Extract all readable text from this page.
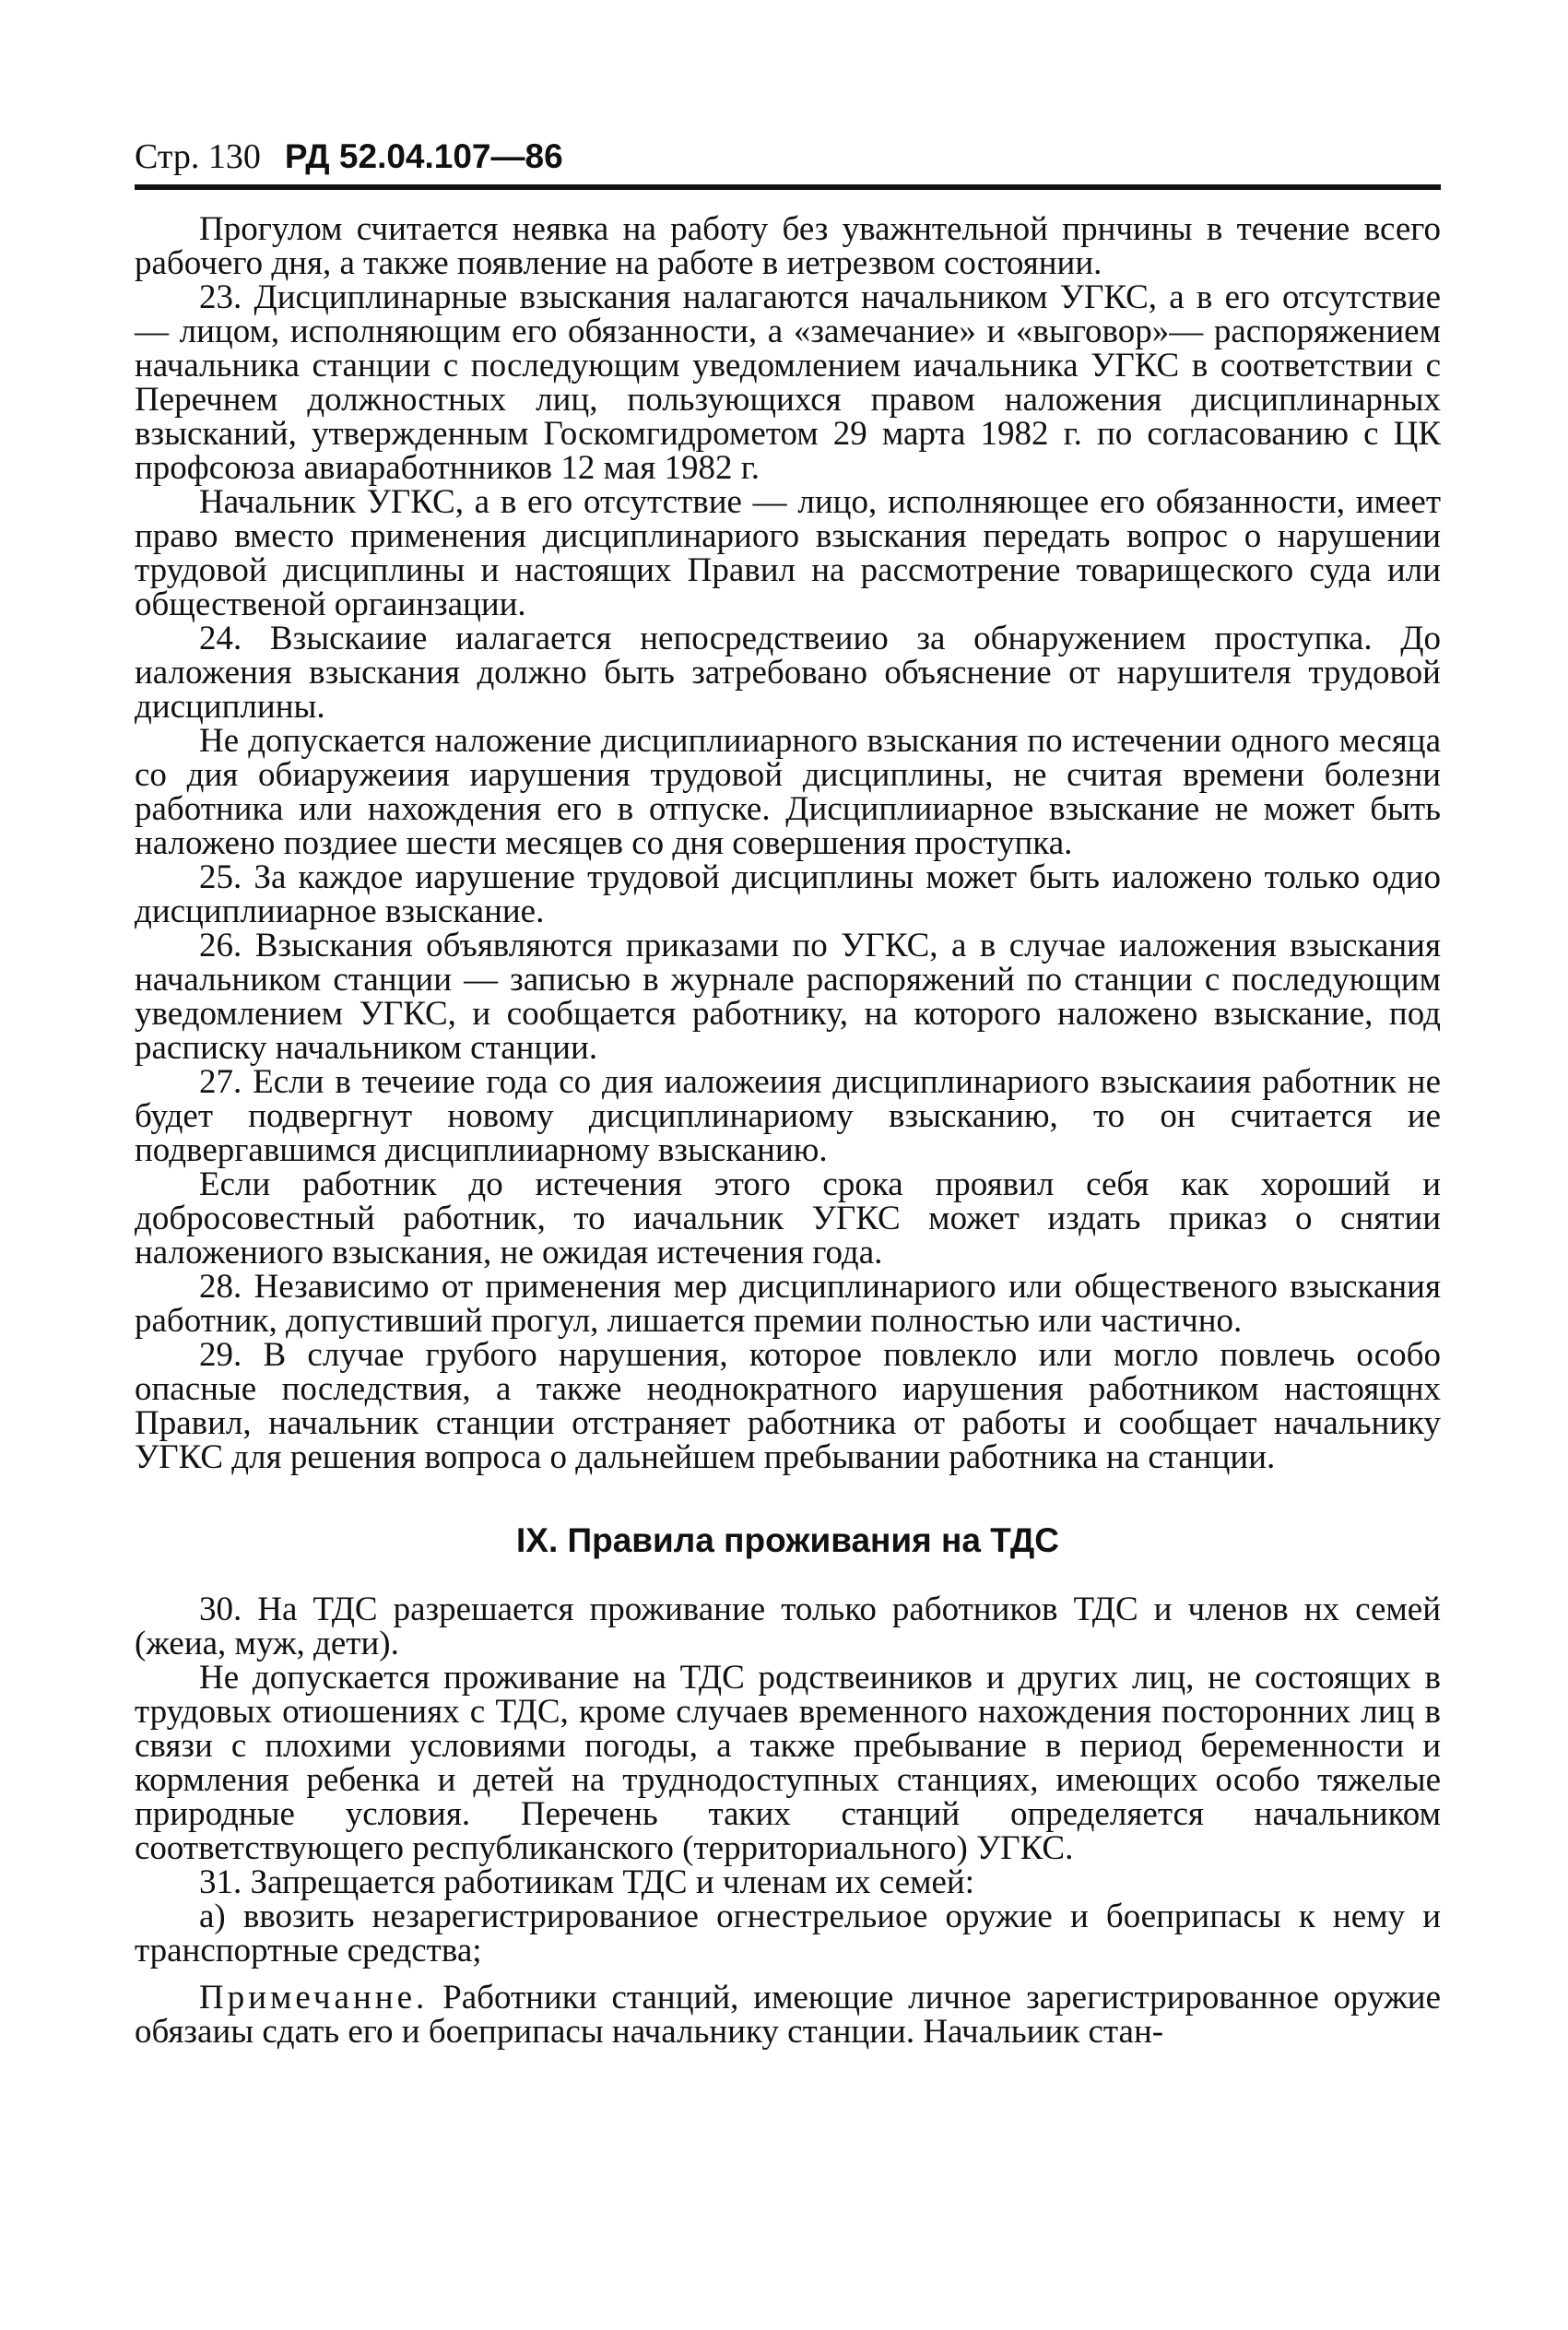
Стр. 130 РД 52.04.107—86

Прогулом считается неявка на работу без уважнтельной прнчины в течение всего рабочего дня, а также появление на работе в иетрезвом состоянии.

23. Дисциплинарные взыскания налагаются начальником УГКС, а в его отсутствие — лицом, исполняющим его обязанности, а «замечание» и «выговор»— распоряжением начальника станции с последующим уведомлением иачальника УГКС в соответствии с Перечнем должностных лиц, пользующихся правом наложения дисциплинарных взысканий, утвержденным Госкомгидрометом 29 марта 1982 г. по согласованию с ЦК профсоюза авиаработнников 12 мая 1982 г.

Начальник УГКС, а в его отсутствие — лицо, исполняющее его обязанности, имеет право вместо применения дисциплинариого взыскания передать вопрос о нарушении трудовой дисциплины и настоящих Правил на рассмотрение товарищеского суда или общественой оргаинзации.

24. Взыскаиие иалагается непосредствеиио за обнаружением проступка. До иаложения взыскания должно быть затребовано объяснение от нарушителя трудовой дисциплины.

Не допускается наложение дисциплииарного взыскания по истечении одного месяца со дия обиаружеиия иарушения трудовой дисциплины, не считая времени болезни работника или нахождения его в отпуске. Дисциплииарное взыскание не может быть наложено поздиее шести месяцев со дня совершения проступка.

25. За каждое иарушение трудовой дисциплины может быть иаложено только одио дисциплииарное взыскание.

26. Взыскания объявляются приказами по УГКС, а в случае иаложения взыскания начальником станции — записью в журнале распоряжений по станции с последующим уведомлением УГКС, и сообщается работнику, на которого наложено взыскание, под расписку начальником станции.

27. Если в течеиие года со дия иаложеиия дисциплинариого взыскаиия работник не будет подвергнут новому дисциплинариому взысканию, то он считается ие подвергавшимся дисциплииарному взысканию.

Если работник до истечения этого срока проявил себя как хороший и добросовестный работник, то иачальник УГКС может издать приказ о снятии наложениого взыскания, не ожидая истечения года.

28. Независимо от применения мер дисциплинариого или общественого взыскания работник, допустивший прогул, лишается премии полностью или частично.

29. В случае грубого нарушения, которое повлекло или могло повлечь особо опасные последствия, а также неоднократного иарушения работником настоящнх Правил, начальник станции отстраняет работника от работы и сообщает начальнику УГКС для решения вопроса о дальнейшем пребывании работника на станции.

IX. Правила проживания на ТДС

30. На ТДС разрешается проживание только работников ТДС и членов нх семей (жеиа, муж, дети).

Не допускается проживание на ТДС родствеиников и других лиц, не состоящих в трудовых отиошениях с ТДС, кроме случаев временного нахождения посторонних лиц в связи с плохими условиями погоды, а также пребывание в период беременности и кормления ребенка и детей на труднодоступных станциях, имеющих особо тяжелые природные условия. Перечень таких станций определяется начальником соответствующего республиканского (территориального) УГКС.

31. Запрещается работиикам ТДС и членам их семей:

а) ввозить незарегистрированиое огнестрельиое оружие и боеприпасы к нему и транспортные средства;

Примечанне. Работники станций, имеющие личное зарегистрированное оружие обязаиы сдать его и боеприпасы начальнику станции. Начальиик стан-
